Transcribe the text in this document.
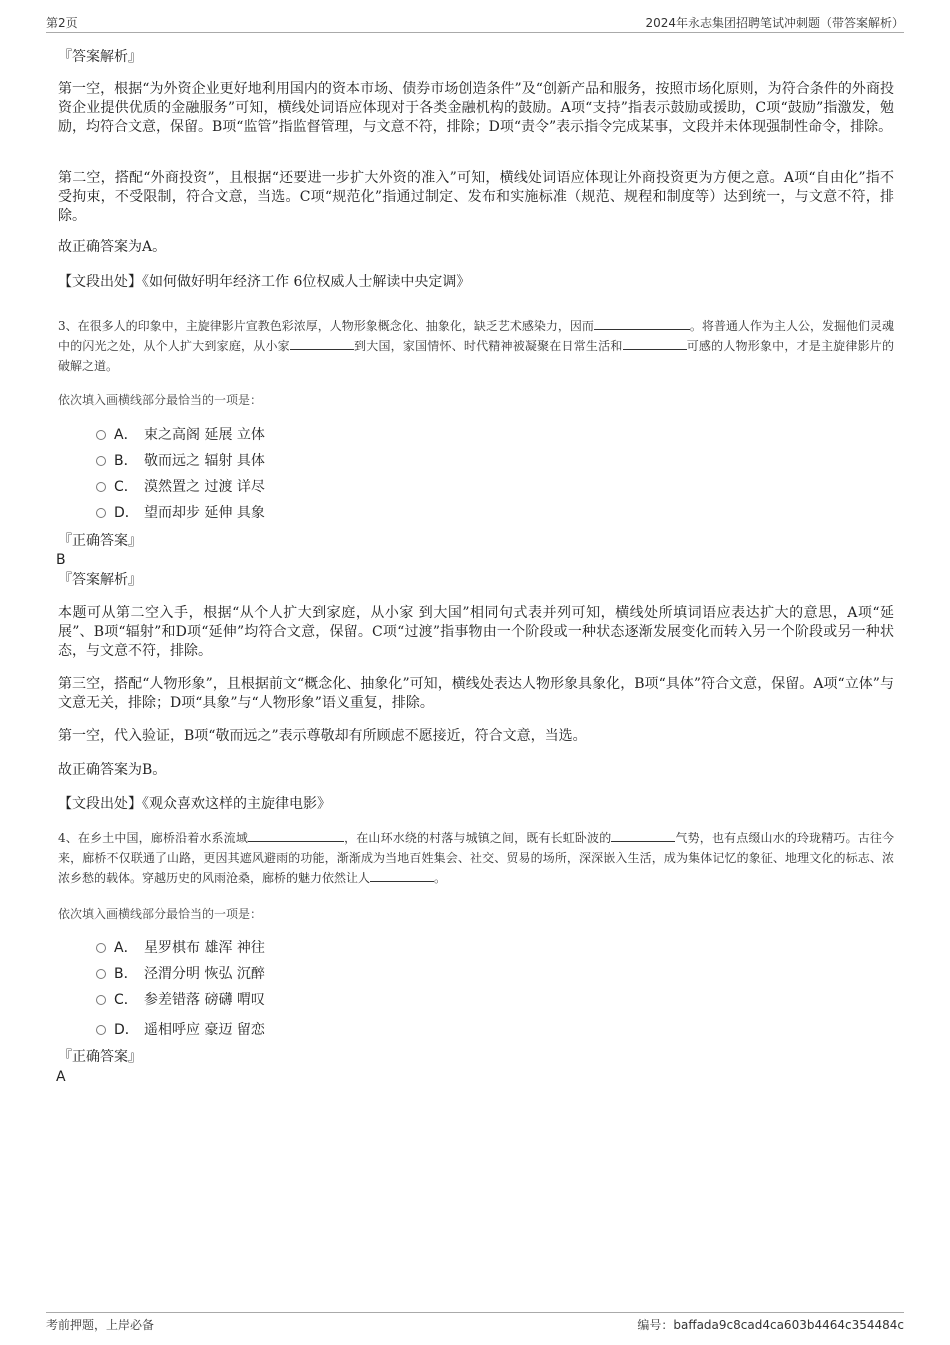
第2页	2024年永志集团招聘笔试冲刺题（带答案解析）
『答案解析』
第一空，根据“为外资企业更好地利用国内的资本市场、债券市场创造条件”及“创新产品和服务，按照市场化原则，为符合条件的外商投资企业提供优质的金融服务”可知，横线处词语应体现对于各类金融机构的鼓励。A项“支持”指表示鼓励或援助，C项“鼓励”指激发，勉励，均符合文意，保留。B项“监管”指监督管理，与文意不符，排除；D项“责令”表示指令完成某事，文段并未体现强制性命令，排除。
第二空，搭配“外商投资”，且根据“还要进一步扩大外资的准入”可知，横线处词语应体现让外商投资更为方便之意。A项“自由化”指不受拘束，不受限制，符合文意，当选。C项“规范化”指通过制定、发布和实施标准（规范、规程和制度等）达到统一，与文意不符，排除。
故正确答案为A。
【文段出处】《如何做好明年经济工作 6位权威人士解读中央定调》
3、在很多人的印象中，主旋律影片宣教色彩浓厚，人物形象概念化、抽象化，缺乏艺术感染力，因而	。将普通人作为主人公，发掘他们灵魂中的闪光之处，从个人扩大到家庭，从小家	到大国，家国情怀、时代精神被凝聚在日常生活和	可感的人物形象中，才是主旋律影片的破解之道。
依次填入画横线部分最恰当的一项是：
A． 束之高阁 延展 立体
B． 敬而远之 辐射 具体
C． 漠然置之 过渡 详尽
D． 望而却步 延伸 具象
『正确答案』
B
『答案解析』
本题可从第二空入手，根据“从个人扩大到家庭，从小家 到大国”相同句式表并列可知，横线处所填词语应表达扩大的意思，A项“延展”、B项“辐射”和D项“延伸”均符合文意，保留。C项“过渡”指事物由一个阶段或一种状态逐渐发展变化而转入另一个阶段或另一种状态，与文意不符，排除。
第三空，搭配“人物形象”，且根据前文“概念化、抽象化”可知，横线处表达人物形象具象化，B项“具体”符合文意，保留。A项“立体”与文意无关，排除；D项“具象”与“人物形象”语义重复，排除。
第一空，代入验证，B项“敬而远之”表示尊敬却有所顾虑不愿接近，符合文意，当选。
故正确答案为B。
【文段出处】《观众喜欢这样的主旋律电影》
4、在乡土中国，廊桥沿着水系流域	，在山环水绕的村落与城镇之间，既有长虹卧波的	气势，也有点缀山水的玲珑精巧。古往今来，廊桥不仅联通了山路，更因其遮风避雨的功能，渐渐成为当地百姓集会、社交、贸易的场所，深深嵌入生活，成为集体记忆的象征、地理文化的标志、浓浓乡愁的载体。穿越历史的风雨沧桑，廊桥的魅力依然让人	。
依次填入画横线部分最恰当的一项是：
A． 星罗棋布 雄浑 神往
B． 泾渭分明 恢弘 沉醉
C． 参差错落 磅礴 喟叹
D． 遥相呼应 豪迈 留恋
『正确答案』
A
考前押题，上岸必备	编号：baffada9c8cad4ca603b4464c354484c
